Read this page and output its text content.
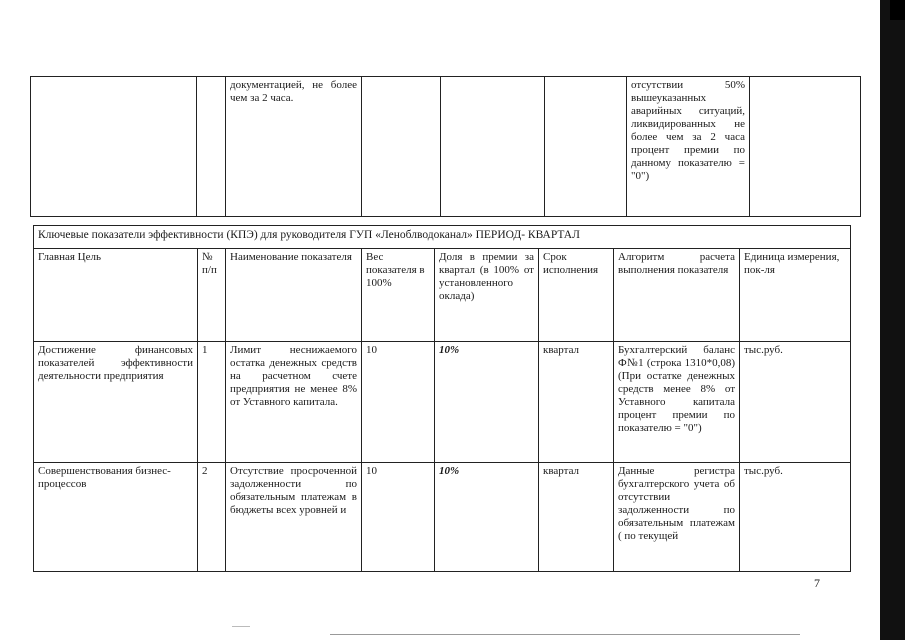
		документацией, не более чем за 2 часа.				отсутствии 50% вышеуказанных аварийных ситуаций, ликвидированных не более чем за 2 часа процент премии по данному показателю = "0")	
Ключевые показатели эффективности (КПЭ) для руководителя ГУП «Леноблводоканал» ПЕРИОД- КВАРТАЛ							
Главная Цель	№ п/п	Наименование показателя	Вес показателя в 100%	Доля в премии за квартал (в 100% от установленного оклада)	Срок исполнения	Алгоритм расчета выполнения показателя	Единица измерения, пок-ля
Достижение финансовых показателей эффективности деятельности предприятия	1	Лимит неснижаемого остатка денежных средств на расчетном счете предприятия не менее 8% от Уставного капитала.	10	10%	квартал	Бухгалтерский баланс Ф№1 (строка 1310*0,08) (При остатке денежных средств менее 8% от Уставного капитала процент премии по показателю = "0")	тыс.руб.
Совершенствования бизнес-процессов	2	Отсутствие просроченной задолженности по обязательным платежам в бюджеты всех уровней и	10	10%	квартал	Данные регистра бухгалтерского учета об отсутствии задолженности по обязательным платежам ( по текущей	тыс.руб.
7
